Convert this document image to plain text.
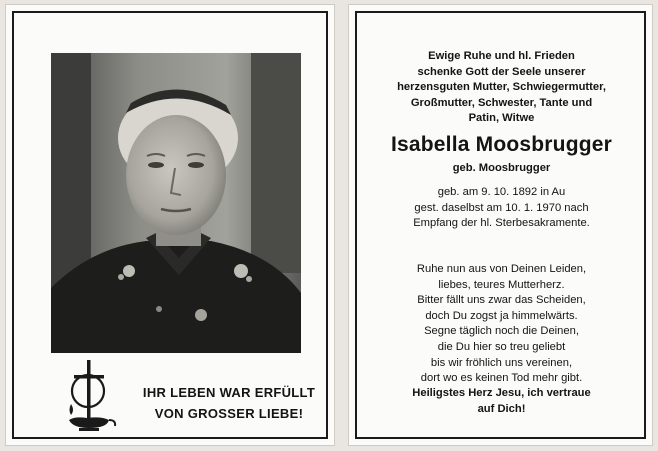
IHR LEBEN WAR ERFÜLLT
VON GROSSER LIEBE!
Ewige Ruhe und hl. Frieden
schenke Gott der Seele unserer
herzensguten Mutter, Schwiegermutter,
Großmutter, Schwester, Tante und
Patin, Witwe
Isabella Moosbrugger
geb. Moosbrugger
geb. am 9. 10. 1892 in Au
gest. daselbst am 10. 1. 1970 nach
Empfang der hl. Sterbesakramente.
Ruhe nun aus von Deinen Leiden,
liebes, teures Mutterherz.
Bitter fällt uns zwar das Scheiden,
doch Du zogst ja himmelwärts.
Segne täglich noch die Deinen,
die Du hier so treu geliebt
bis wir fröhlich uns vereinen,
dort wo es keinen Tod mehr gibt.
Heiligstes Herz Jesu, ich vertraue
auf Dich!
